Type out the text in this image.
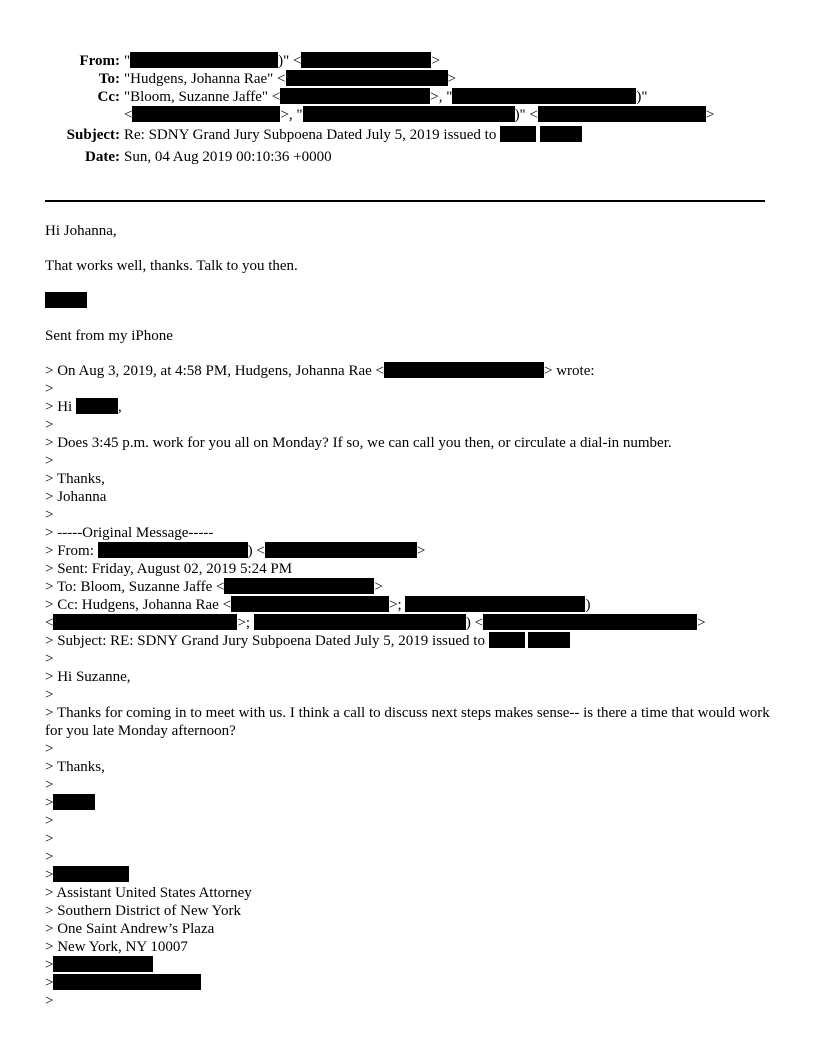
From: "	)" <	>
To: "Hudgens, Johanna Rae" <	>
Cc: "Bloom, Suzanne Jaffe" <	>, "	)"
<	>, "	)" <	>
Subject: Re: SDNY Grand Jury Subpoena Dated July 5, 2019 issued to
Date: Sun, 04 Aug 2019 00:10:36 +0000

Hi Johanna,

That works well, thanks. Talk to you then.

Sent from my iPhone

> On Aug 3, 2019, at 4:58 PM, Hudgens, Johanna Rae <	> wrote:
>
> Hi	,
>
> Does 3:45 p.m. work for you all on Monday? If so, we can call you then, or circulate a dial-in number.
>
> Thanks,
> Johanna
>
> -----Original Message-----
> From:	) <	>
> Sent: Friday, August 02, 2019 5:24 PM
> To: Bloom, Suzanne Jaffe <	>
> Cc: Hudgens, Johanna Rae <	>;	)
<	>;	) <	>
> Subject: RE: SDNY Grand Jury Subpoena Dated July 5, 2019 issued to
>
> Hi Suzanne,
>
> Thanks for coming in to meet with us. I think a call to discuss next steps makes sense-- is there a time that would work for you late Monday afternoon?
>
> Thanks,
>
>
>
>
>
>
> Assistant United States Attorney
> Southern District of New York
> One Saint Andrew’s Plaza
> New York, NY 10007
>
>
>
